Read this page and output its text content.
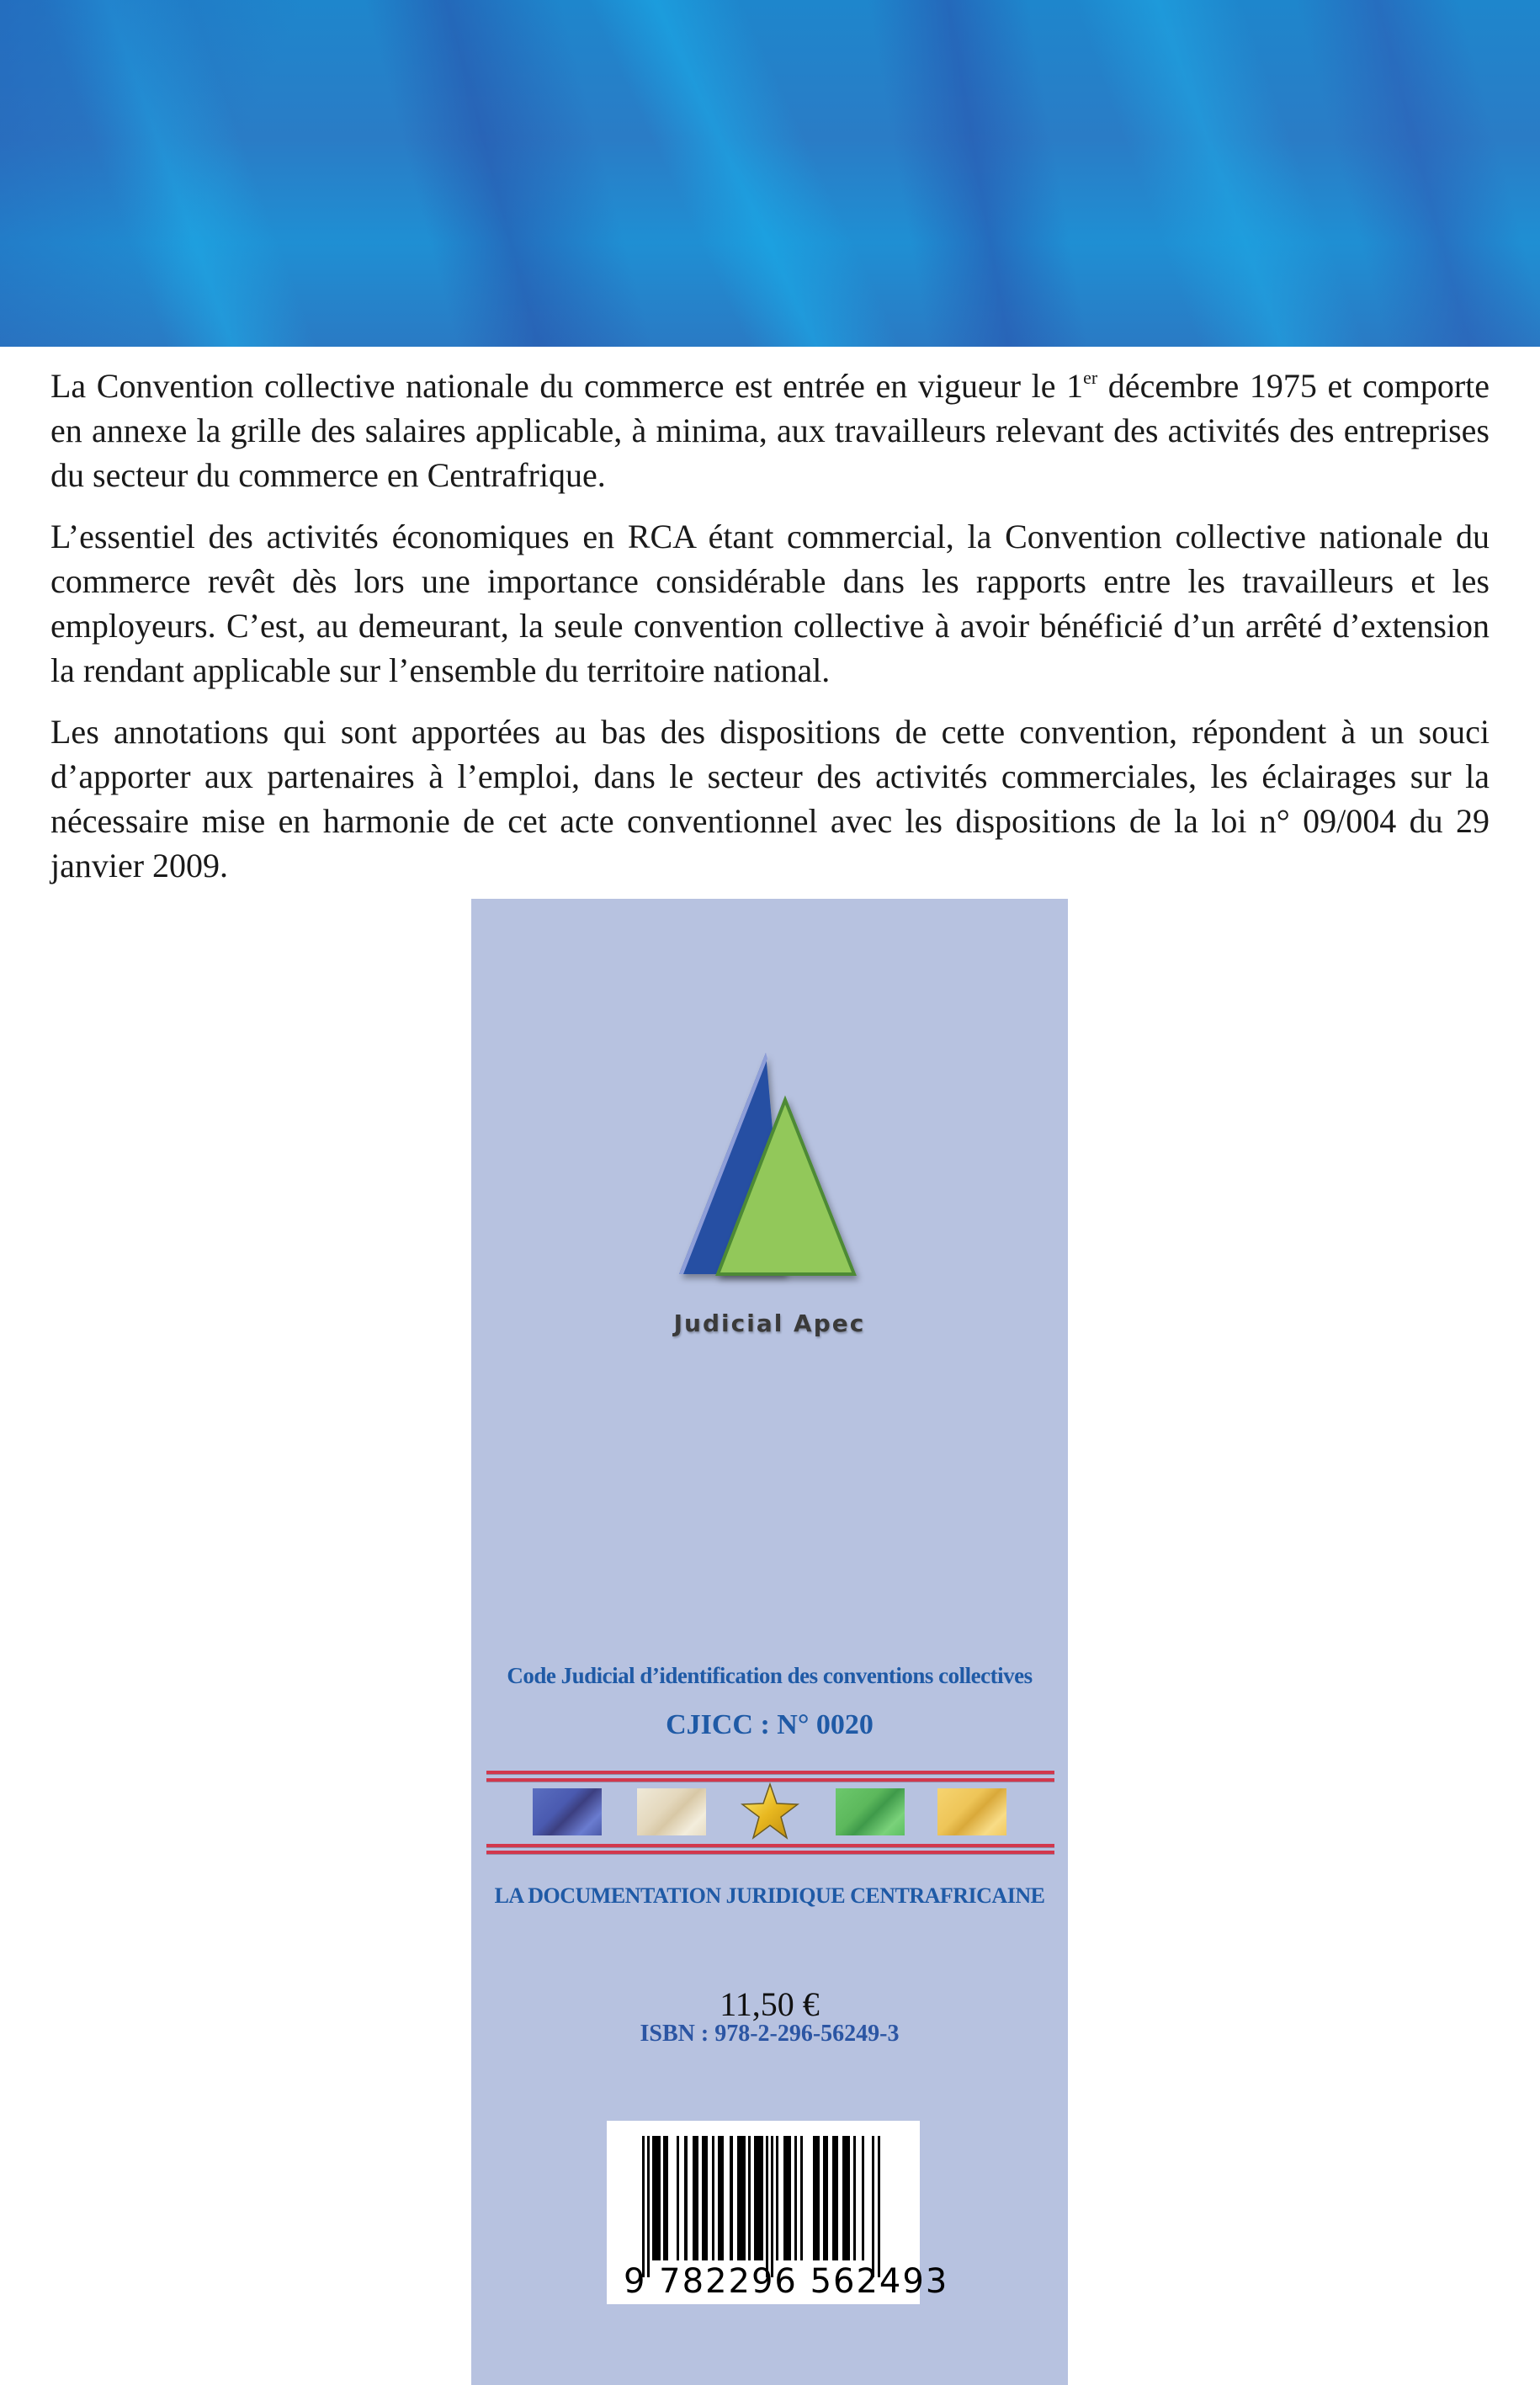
La Convention collective nationale du commerce est entrée en vigueur le 1er décembre 1975 et comporte en annexe la grille des salaires applicable, à minima, aux travailleurs relevant des activités des entreprises du secteur du commerce en Centrafrique.

L’essentiel des activités économiques en RCA étant commercial, la Convention collective nationale du commerce revêt dès lors une importance considérable dans les rapports entre les travailleurs et les employeurs. C’est, au demeurant, la seule convention collective à avoir bénéficié d’un arrêté d’extension la rendant applicable sur l’ensemble du territoire national.

Les annotations qui sont apportées au bas des dispositions de cette convention, répondent à un souci d’apporter aux partenaires à l’emploi, dans le secteur des activités commerciales, les éclairages sur la nécessaire mise en harmonie de cet acte conventionnel avec les dispositions de la loi n° 09/004 du 29 janvier 2009.

Judicial Apec
Code Judicial d’identification des conventions collectives
CJICC : N° 0020
LA DOCUMENTATION JURIDIQUE CENTRAFRICAINE
11,50 €
ISBN : 978-2-296-56249-3
9 782296 562493
